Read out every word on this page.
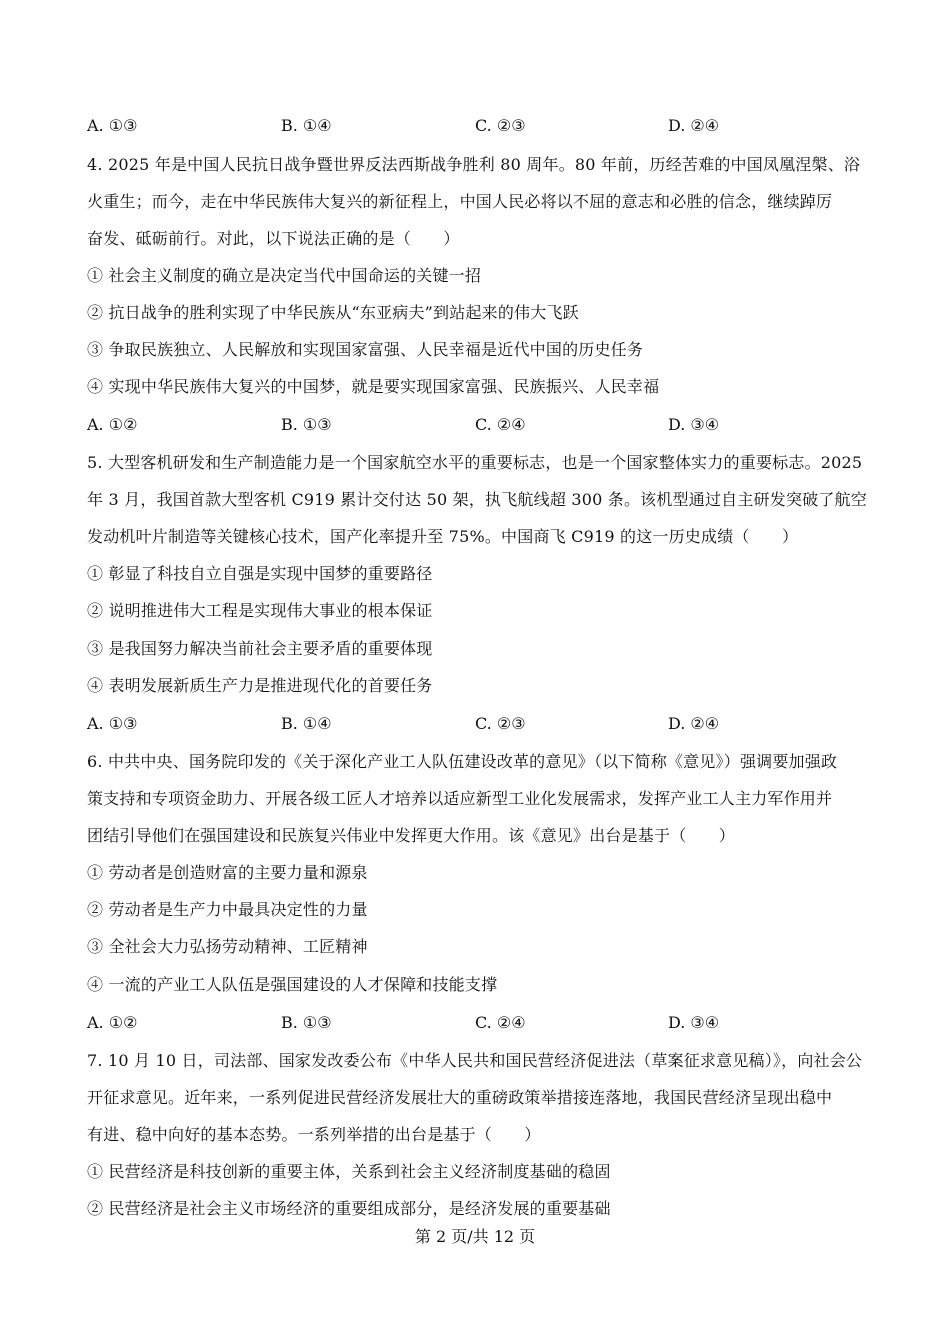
A. ①③	B. ①④	C. ②③	D. ②④
4. 2025 年是中国人民抗日战争暨世界反法西斯战争胜利 80 周年。80 年前，历经苦难的中国凤凰涅槃、浴
火重生；而今，走在中华民族伟大复兴的新征程上，中国人民必将以不屈的意志和必胜的信念，继续踔厉
奋发、砥砺前行。对此，以下说法正确的是（　　）
① 社会主义制度的确立是决定当代中国命运的关键一招
② 抗日战争的胜利实现了中华民族从“东亚病夫”到站起来的伟大飞跃
③ 争取民族独立、人民解放和实现国家富强、人民幸福是近代中国的历史任务
④ 实现中华民族伟大复兴的中国梦，就是要实现国家富强、民族振兴、人民幸福
A. ①②	B. ①③	C. ②④	D. ③④
5. 大型客机研发和生产制造能力是一个国家航空水平的重要标志，也是一个国家整体实力的重要标志。2025
年 3 月，我国首款大型客机 C919 累计交付达 50 架，执飞航线超 300 条。该机型通过自主研发突破了航空
发动机叶片制造等关键核心技术，国产化率提升至 75%。中国商飞 C919 的这一历史成绩（　　）
① 彰显了科技自立自强是实现中国梦的重要路径
② 说明推进伟大工程是实现伟大事业的根本保证
③ 是我国努力解决当前社会主要矛盾的重要体现
④ 表明发展新质生产力是推进现代化的首要任务
A. ①③	B. ①④	C. ②③	D. ②④
6. 中共中央、国务院印发的《关于深化产业工人队伍建设改革的意见》（以下简称《意见》）强调要加强政
策支持和专项资金助力、开展各级工匠人才培养以适应新型工业化发展需求，发挥产业工人主力军作用并
团结引导他们在强国建设和民族复兴伟业中发挥更大作用。该《意见》出台是基于（　　）
① 劳动者是创造财富的主要力量和源泉
② 劳动者是生产力中最具决定性的力量
③ 全社会大力弘扬劳动精神、工匠精神
④ 一流的产业工人队伍是强国建设的人才保障和技能支撑
A. ①②	B. ①③	C. ②④	D. ③④
7. 10 月 10 日，司法部、国家发改委公布《中华人民共和国民营经济促进法（草案征求意见稿）》，向社会公
开征求意见。近年来，一系列促进民营经济发展壮大的重磅政策举措接连落地，我国民营经济呈现出稳中
有进、稳中向好的基本态势。一系列举措的出台是基于（　　）
① 民营经济是科技创新的重要主体，关系到社会主义经济制度基础的稳固
② 民营经济是社会主义市场经济的重要组成部分，是经济发展的重要基础
第 2 页/共 12 页
